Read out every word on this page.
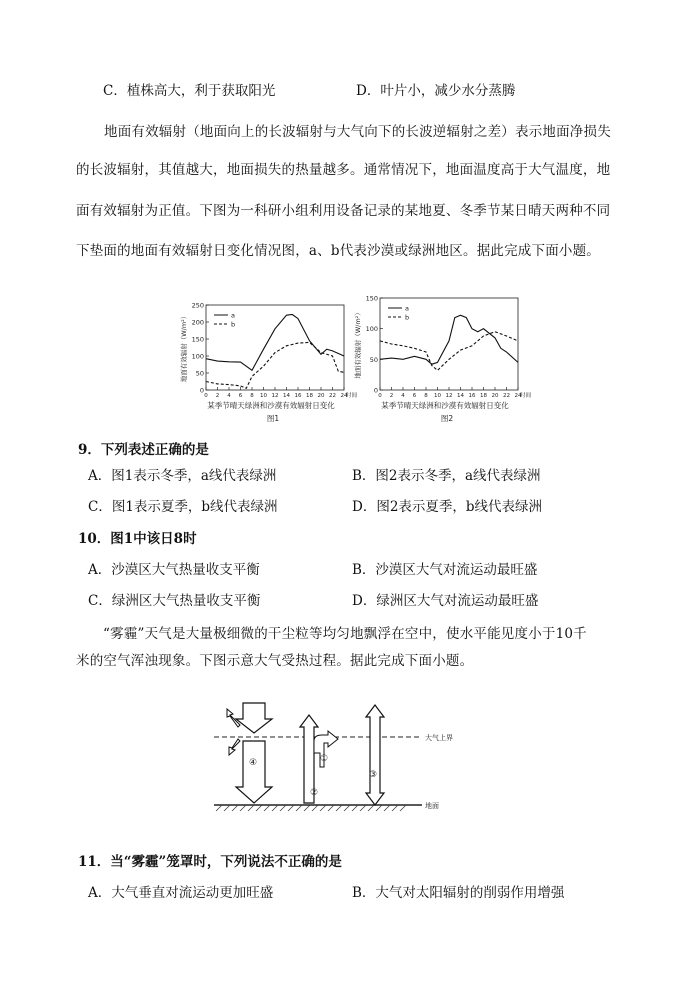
C．植株高大，利于获取阳光	D．叶片小，减少水分蒸腾
地面有效辐射（地面向上的长波辐射与大气向下的长波逆辐射之差）表示地面净损失
的长波辐射，其值越大，地面损失的热量越多。通常情况下，地面温度高于大气温度，地
面有效辐射为正值。下图为一科研小组利用设备记录的某地夏、冬季节某日晴天两种不同
下垫面的地面有效辐射日变化情况图，a、b代表沙漠或绿洲地区。据此完成下面小题。
0
50
100
150
200
250
0 2 4 6 8 10 12 14 16 18 20 22 24
时间
地面有效辐射（W/m²）	a
b
某季节晴天绿洲和沙漠有效辐射日变化
图1
0
50
100
150
0 2 4 6 8 10 12 14 16 18 20 22 24
时间
地面有效辐射（W/m²）
a
b
某季节晴天绿洲和沙漠有效辐射日变化
图2
9．下列表述正确的是
A．图1表示冬季，a线代表绿洲	B．图2表示冬季，a线代表绿洲
C．图1表示夏季，b线代表绿洲	D．图2表示夏季，b线代表绿洲
10．图1中该日8时
A．沙漠区大气热量收支平衡	B．沙漠区大气对流运动最旺盛
C．绿洲区大气热量收支平衡	D．绿洲区大气对流运动最旺盛
“雾霾”天气是大量极细微的干尘粒等均匀地飘浮在空中，使水平能见度小于10千
米的空气浑浊现象。下图示意大气受热过程。据此完成下面小题。
大气上界
地面
④
②
①
③
11．当“雾霾”笼罩时，下列说法不正确的是
A．大气垂直对流运动更加旺盛	B．大气对太阳辐射的削弱作用增强
